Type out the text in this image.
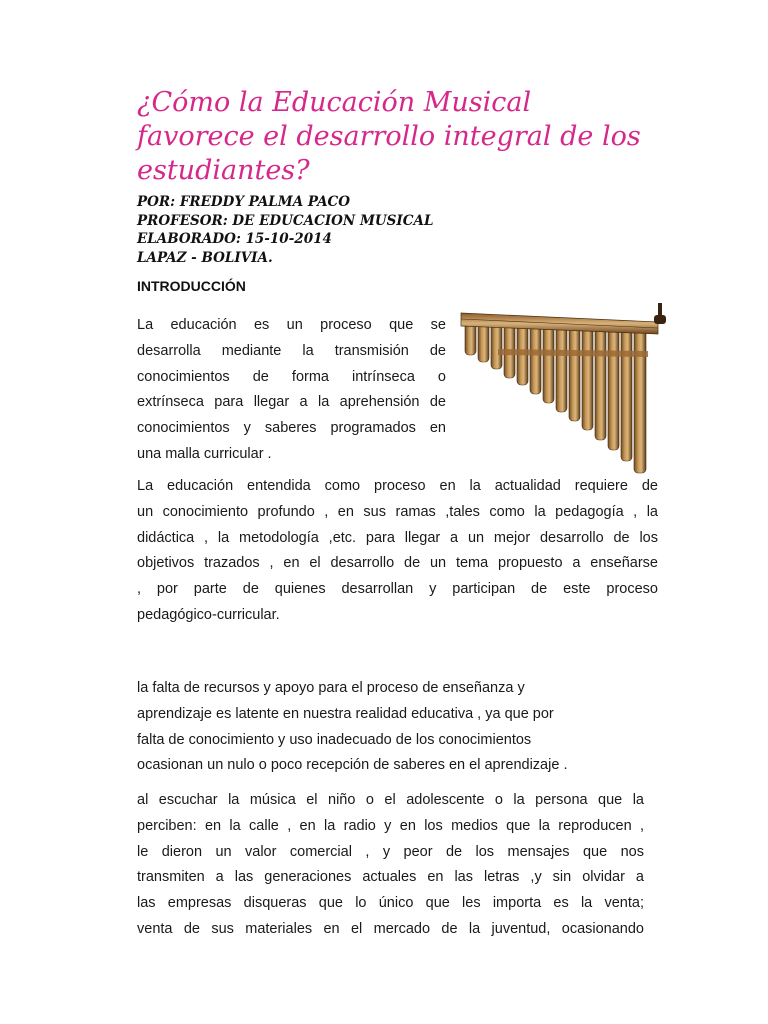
¿Cómo la Educación Musical
favorece el desarrollo integral de los
estudiantes?
POR: FREDDY PALMA PACO
PROFESOR: DE EDUCACION MUSICAL
ELABORADO: 15-10-2014
LAPAZ - BOLIVIA.
INTRODUCCIÓN
La educación es un proceso que se
desarrolla mediante la transmisión de
conocimientos de forma intrínseca o
extrínseca para llegar a la aprehensión de
conocimientos y saberes programados en
una malla curricular .
La educación entendida como proceso en la actualidad requiere de
un conocimiento profundo , en sus ramas ,tales como la pedagogía , la
didáctica , la metodología ,etc. para llegar a un mejor desarrollo de los
objetivos trazados , en el desarrollo de un tema propuesto a enseñarse
, por parte de quienes desarrollan y participan de este proceso
pedagógico-curricular.
la falta de recursos y apoyo para el proceso de enseñanza y
aprendizaje es latente en nuestra realidad educativa , ya que por
falta de conocimiento y uso inadecuado de los conocimientos
ocasionan un nulo o poco recepción de saberes en el aprendizaje .
al escuchar la música el niño o el adolescente o la persona que la
perciben: en la calle , en la radio y en los medios que la reproducen ,
le dieron un valor comercial , y peor de los mensajes que nos
transmiten a las generaciones actuales en las letras ,y sin olvidar a
las empresas disqueras que lo único que les importa es la venta;
venta de sus materiales en el mercado de la juventud, ocasionando
